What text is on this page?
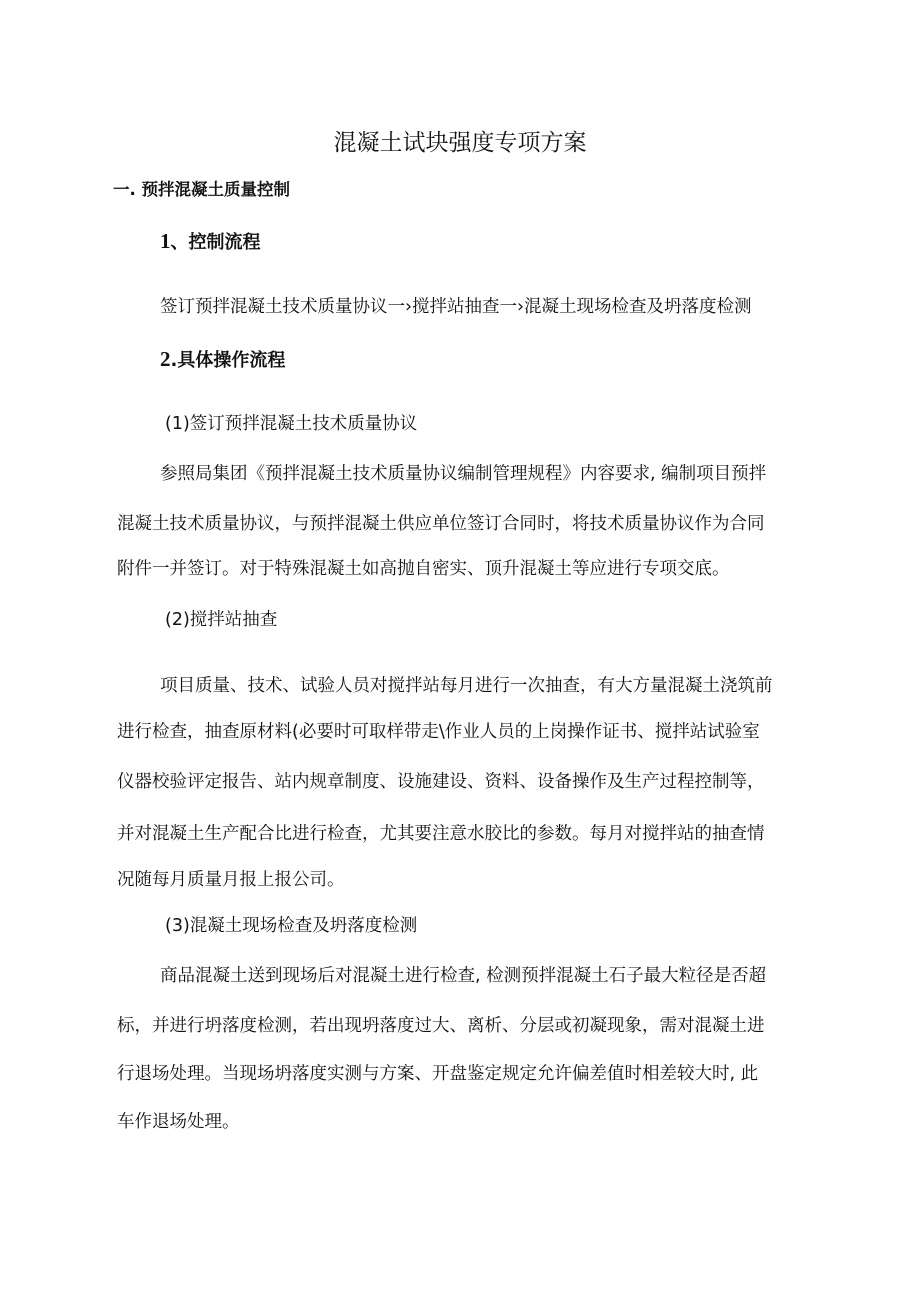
混凝土试块强度专项方案
一. 预拌混凝土质量控制
1、控制流程
签订预拌混凝土技术质量协议一›搅拌站抽查一›混凝土现场检查及坍落度检测
2.具体操作流程
(1)签订预拌混凝土技术质量协议
参照局集团《预拌混凝土技术质量协议编制管理规程》内容要求, 编制项目预拌
混凝土技术质量协议，与预拌混凝土供应单位签订合同时，将技术质量协议作为合同
附件一并签订。对于特殊混凝土如高抛自密实、顶升混凝土等应进行专项交底。
(2)搅拌站抽查
项目质量、技术、试验人员对搅拌站每月进行一次抽查，有大方量混凝土浇筑前
进行检查，抽查原材料(必要时可取样带走\作业人员的上岗操作证书、搅拌站试验室
仪器校验评定报告、站内规章制度、设施建设、资料、设备操作及生产过程控制等，
并对混凝土生产配合比进行检查，尤其要注意水胶比的参数。每月对搅拌站的抽查情
况随每月质量月报上报公司。
(3)混凝土现场检查及坍落度检测
商品混凝土送到现场后对混凝土进行检查, 检测预拌混凝土石子最大粒径是否超
标，并进行坍落度检测，若出现坍落度过大、离析、分层或初凝现象，需对混凝土进
行退场处理。当现场坍落度实测与方案、开盘鉴定规定允许偏差值时相差较大时, 此
车作退场处理。
